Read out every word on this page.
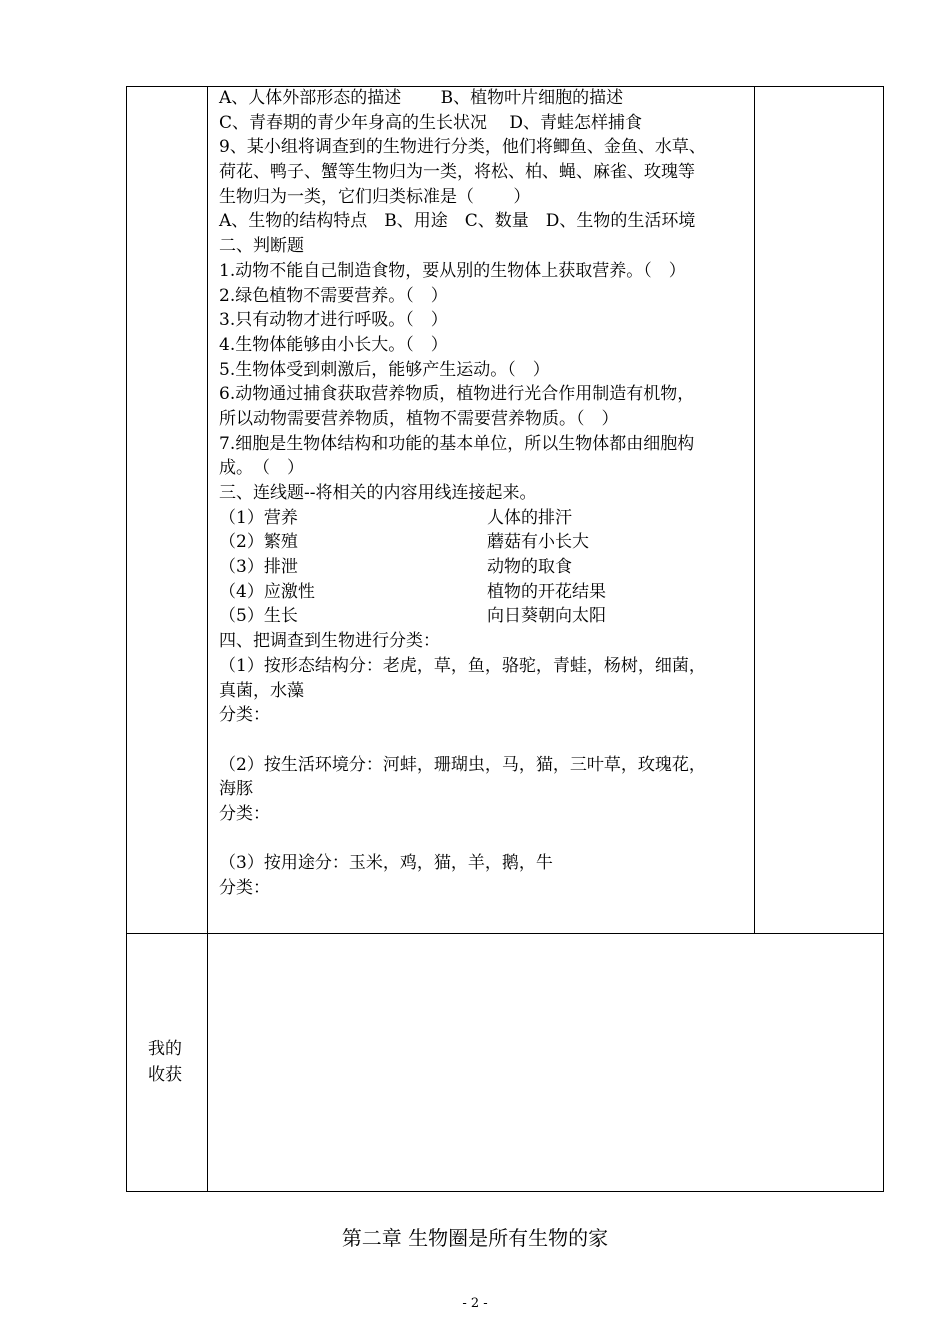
A、人体外部形态的描述　　 B、植物叶片细胞的描述
C、青春期的青少年身高的生长状况　 D、青蛙怎样捕食
9、某小组将调查到的生物进行分类，他们将鲫鱼、金鱼、水草、
荷花、鸭子、蟹等生物归为一类，将松、柏、蝇、麻雀、玫瑰等
生物归为一类，它们归类标准是（　　 ）
A、生物的结构特点　B、用途　C、数量　D、生物的生活环境
二、判断题
1.动物不能自己制造食物，要从别的生物体上获取营养。（　）
2.绿色植物不需要营养。（　）
3.只有动物才进行呼吸。（　）
4.生物体能够由小长大。（　）
5.生物体受到刺激后，能够产生运动。（　）
6.动物通过捕食获取营养物质，植物进行光合作用制造有机物，
所以动物需要营养物质，植物不需要营养物质。（　）
7.细胞是生物体结构和功能的基本单位，所以生物体都由细胞构
成。　（　）
三、连线题--将相关的内容用线连接起来。
（1）营养	人体的排汗
（2）繁殖	蘑菇有小长大
（3）排泄	动物的取食
（4）应激性	植物的开花结果
（5）生长	向日葵朝向太阳
四、把调查到生物进行分类：
（1）按形态结构分：老虎，草，鱼，骆驼，青蛙，杨树，细菌，
真菌，水藻
分类：
（2）按生活环境分：河蚌，珊瑚虫，马，猫，三叶草，玫瑰花，
海豚
分类：
（3）按用途分：玉米，鸡，猫，羊，鹅，牛
分类：
我的
收获
第二章 生物圈是所有生物的家
- 2 -
